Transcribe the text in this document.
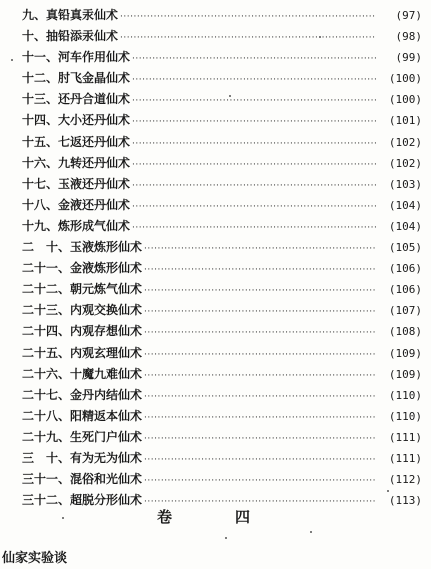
九、 真铅真汞仙术 ·····	(97)
十、 抽铅添汞仙术 ·····	(98)
十一、 河车作用仙术 ·····	(99)
十二、 肘飞金晶仙术 ·····	(100)
十三、 还丹合道仙术 ·····	(100)
十四、 大小还丹仙术 ·····	(101)
十五、 七返还丹仙术 ·····	(102)
十六、 九转还丹仙术 ·····	(102)
十七、 玉液还丹仙术 ·····	(103)
十八、 金液还丹仙术 ·····	(104)
十九、 炼形成气仙术 ·····	(104)
二　十、 玉液炼形仙术 ·····	(105)
二十一、 金液炼形仙术 ·····	(106)
二十二、 朝元炼气仙术 ·····	(106)
二十三、 内观交换仙术 ·····	(107)
二十四、 内观存想仙术 ·····	(108)
二十五、 内观玄理仙术 ·····	(109)
二十六、 十魔九难仙术 ·····	(109)
二十七、 金丹内结仙术 ·····	(110)
二十八、 阳精返本仙术 ·····	(110)
二十九、 生死门户仙术 ·····	(111)
三　十、 有为无为仙术 ·····	(111)
三十一、 混俗和光仙术 ·····	(112)
三十二、 超脱分形仙术 ·····	(113)
卷　四
仙家实验谈
